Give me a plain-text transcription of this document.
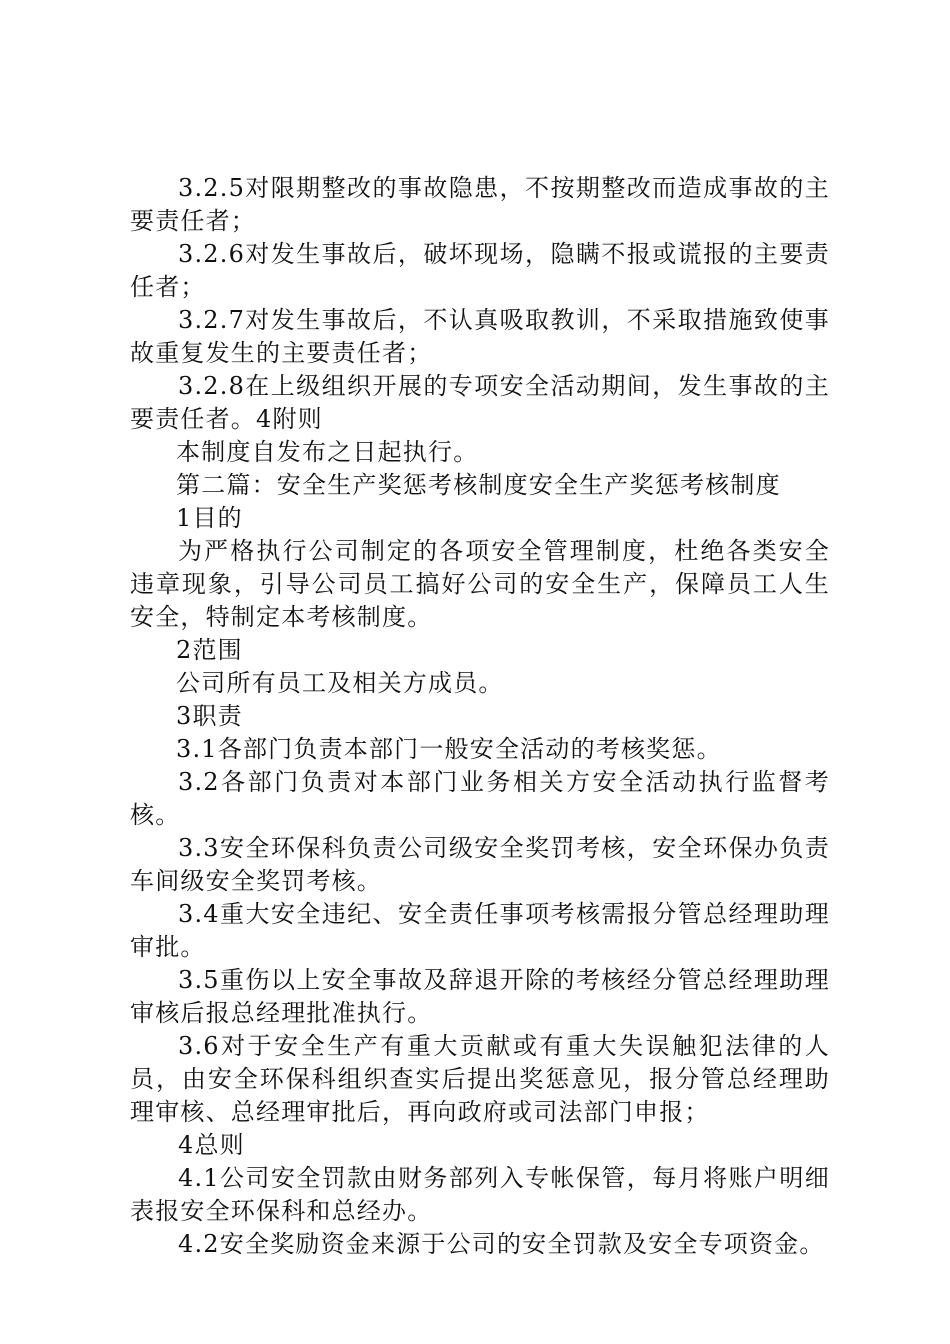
3.2.5对限期整改的事故隐患，不按期整改而造成事故的主要责任者；

3.2.6对发生事故后，破坏现场，隐瞒不报或谎报的主要责任者；

3.2.7对发生事故后，不认真吸取教训，不采取措施致使事故重复发生的主要责任者；

3.2.8在上级组织开展的专项安全活动期间，发生事故的主要责任者。4附则

本制度自发布之日起执行。

第二篇：安全生产奖惩考核制度安全生产奖惩考核制度

1目的

为严格执行公司制定的各项安全管理制度，杜绝各类安全违章现象，引导公司员工搞好公司的安全生产，保障员工人生安全，特制定本考核制度。

2范围

公司所有员工及相关方成员。

3职责

3.1各部门负责本部门一般安全活动的考核奖惩。

3.2各部门负责对本部门业务相关方安全活动执行监督考核。

3.3安全环保科负责公司级安全奖罚考核，安全环保办负责车间级安全奖罚考核。

3.4重大安全违纪、安全责任事项考核需报分管总经理助理审批。

3.5重伤以上安全事故及辞退开除的考核经分管总经理助理审核后报总经理批准执行。

3.6对于安全生产有重大贡献或有重大失误触犯法律的人员，由安全环保科组织查实后提出奖惩意见，报分管总经理助理审核、总经理审批后，再向政府或司法部门申报；

4总则

4.1公司安全罚款由财务部列入专帐保管，每月将账户明细表报安全环保科和总经办。

4.2安全奖励资金来源于公司的安全罚款及安全专项资金。
